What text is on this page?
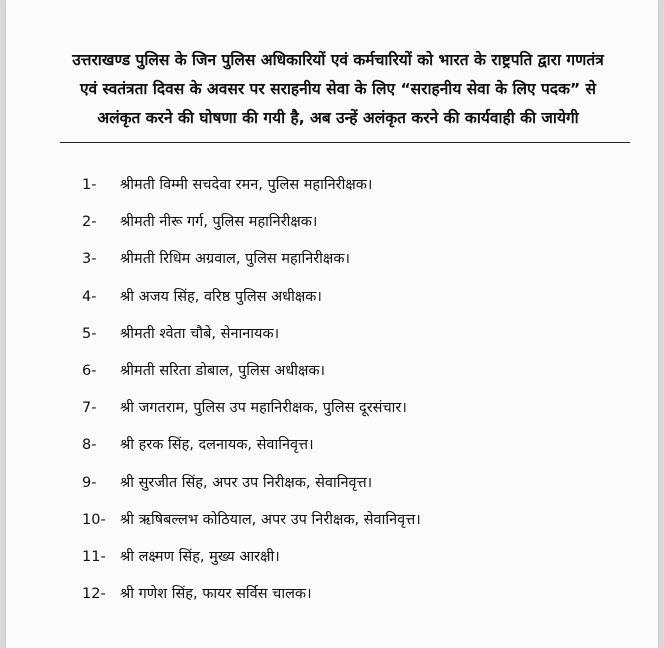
उत्तराखण्ड पुलिस के जिन पुलिस अधिकारियों एवं कर्मचारियों को भारत के राष्ट्रपति द्वारा गणतंत्र
एवं स्वतंत्रता दिवस के अवसर पर सराहनीय सेवा के लिए “सराहनीय सेवा के लिए पदक” से
अलंकृत करने की घोषणा की गयी है, अब उन्हें अलंकृत करने की कार्यवाही की जायेगी

1- श्रीमती विम्मी सचदेवा रमन, पुलिस महानिरीक्षक।
2- श्रीमती नीरू गर्ग, पुलिस महानिरीक्षक।
3- श्रीमती रिधिम अग्रवाल, पुलिस महानिरीक्षक।
4- श्री अजय सिंह, वरिष्ठ पुलिस अधीक्षक।
5- श्रीमती श्वेता चौबे, सेनानायक।
6- श्रीमती सरिता डोबाल, पुलिस अधीक्षक।
7- श्री जगतराम, पुलिस उप महानिरीक्षक, पुलिस दूरसंचार।
8- श्री हरक सिंह, दलनायक, सेवानिवृत्त।
9- श्री सुरजीत सिंह, अपर उप निरीक्षक, सेवानिवृत्त।
10- श्री ऋषिबल्लभ कोठियाल, अपर उप निरीक्षक, सेवानिवृत्त।
11- श्री लक्ष्मण सिंह, मुख्य आरक्षी।
12- श्री गणेश सिंह, फायर सर्विस चालक।
